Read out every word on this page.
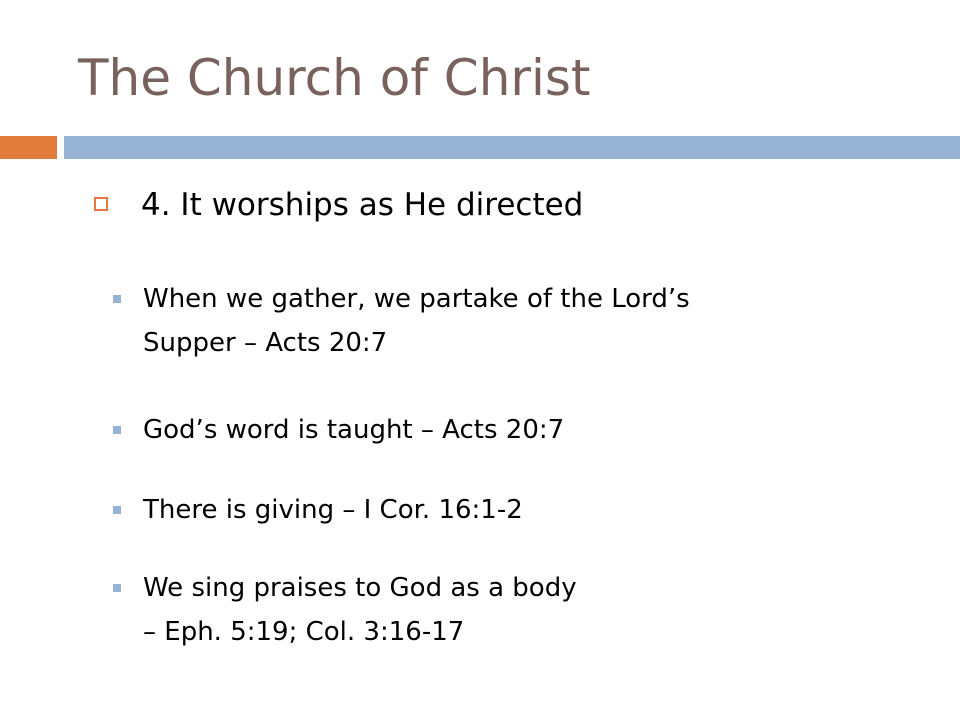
The Church of Christ
4. It worships as He directed
When we gather, we partake of the Lord’s
Supper – Acts 20:7
God’s word is taught – Acts 20:7
There is giving – I Cor. 16:1-2
We sing praises to God as a body
– Eph. 5:19; Col. 3:16-17
